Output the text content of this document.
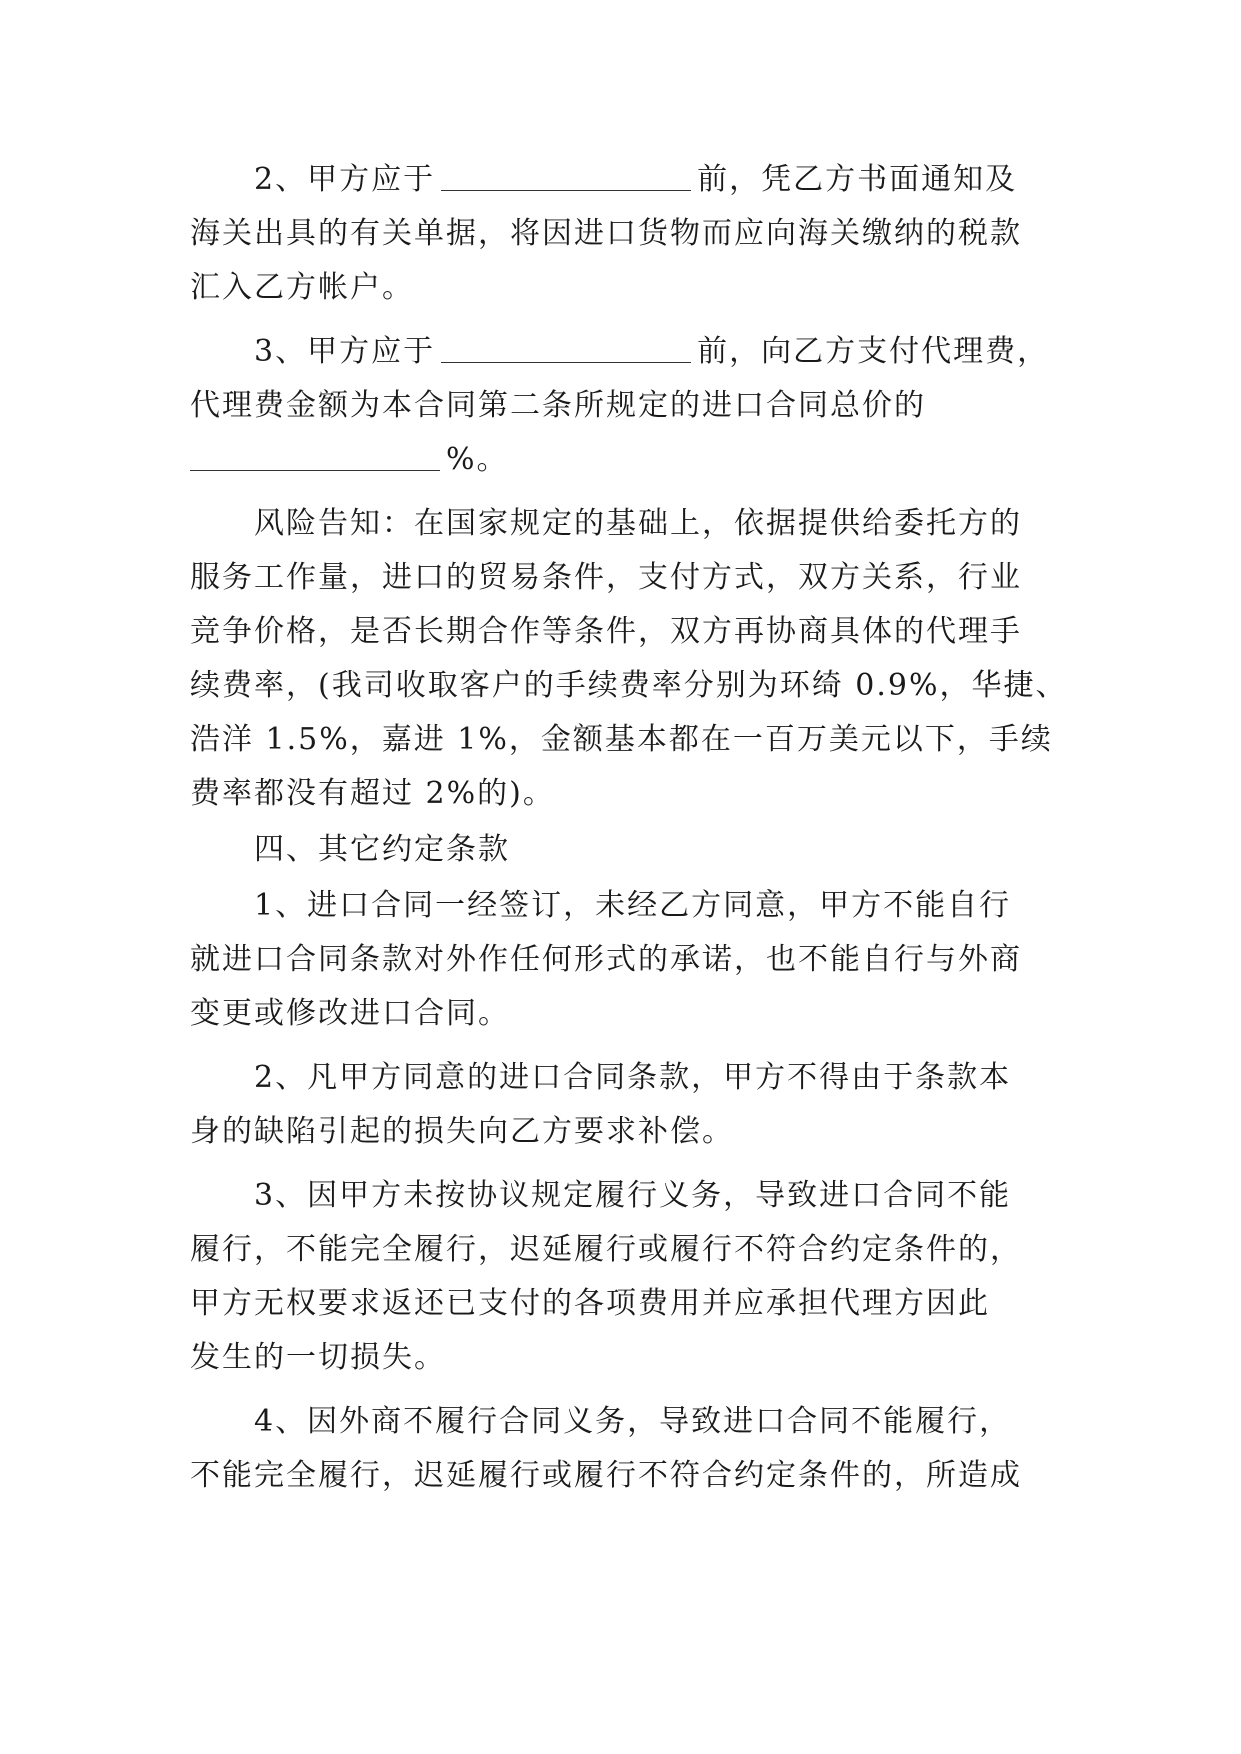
2、甲方应于	前，凭乙方书面通知及
海关出具的有关单据，将因进口货物而应向海关缴纳的税款
汇入乙方帐户。
3、甲方应于	前，向乙方支付代理费，
代理费金额为本合同第二条所规定的进口合同总价的
%。
风险告知：在国家规定的基础上，依据提供给委托方的
服务工作量，进口的贸易条件，支付方式，双方关系，行业
竞争价格，是否长期合作等条件，双方再协商具体的代理手
续费率，(我司收取客户的手续费率分别为环绮 0.9%，华捷、
浩洋 1.5%，嘉进 1%，金额基本都在一百万美元以下，手续
费率都没有超过 2%的)。
四、其它约定条款
1、进口合同一经签订，未经乙方同意，甲方不能自行
就进口合同条款对外作任何形式的承诺，也不能自行与外商
变更或修改进口合同。
2、凡甲方同意的进口合同条款，甲方不得由于条款本
身的缺陷引起的损失向乙方要求补偿。
3、因甲方未按协议规定履行义务，导致进口合同不能
履行，不能完全履行，迟延履行或履行不符合约定条件的，
甲方无权要求返还已支付的各项费用并应承担代理方因此
发生的一切损失。
4、因外商不履行合同义务，导致进口合同不能履行，
不能完全履行，迟延履行或履行不符合约定条件的，所造成
